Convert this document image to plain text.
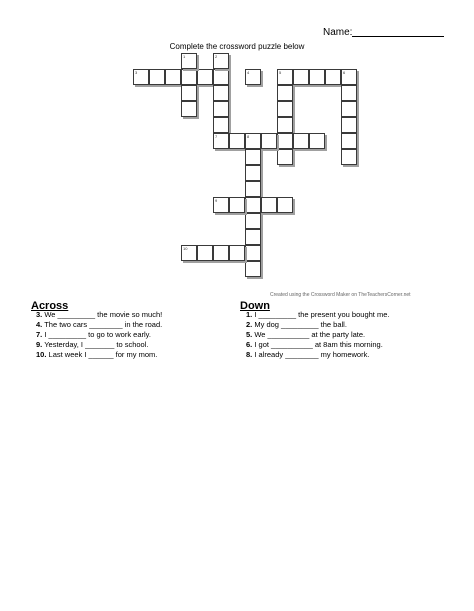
Name:
Complete the crossword puzzle below
3	4	5	6
1	2
7	8
9
10
Created using the Crossword Maker on TheTeachersCorner.net
Across
3. We _________ the movie so much!
4. The two cars ________ in the road.
7. I _________ to go to work early.
9. Yesterday, I _______ to school.
10. Last week I ______ for my mom.
Down
1. I _________ the present you bought me.
2. My dog _________ the ball.
5. We __________ at the party late.
6. I got __________ at 8am this morning.
8. I already ________ my homework.
